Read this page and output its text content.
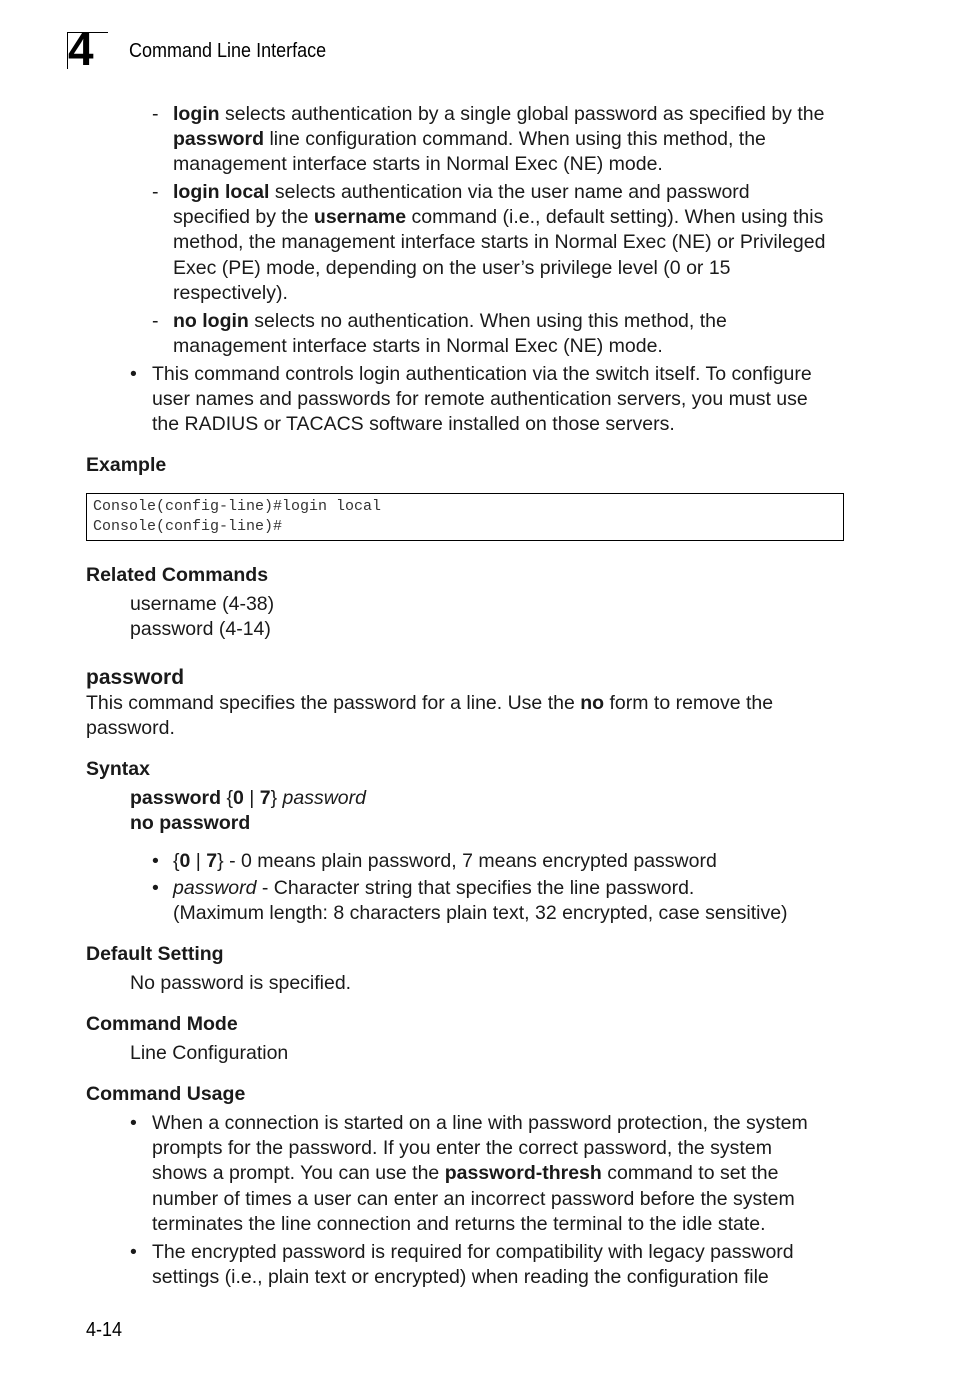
4 Command Line Interface
- login selects authentication by a single global password as specified by the
password line configuration command. When using this method, the
management interface starts in Normal Exec (NE) mode.
- login local selects authentication via the user name and password
specified by the username command (i.e., default setting). When using this
method, the management interface starts in Normal Exec (NE) or Privileged
Exec (PE) mode, depending on the user’s privilege level (0 or 15
respectively).
- no login selects no authentication. When using this method, the
management interface starts in Normal Exec (NE) mode.
• This command controls login authentication via the switch itself. To configure
user names and passwords for remote authentication servers, you must use
the RADIUS or TACACS software installed on those servers.
Example
Console(config-line)#login local
Console(config-line)#
Related Commands
username (4-38)
password (4-14)
password
This command specifies the password for a line. Use the no form to remove the
password.
Syntax
password {0 | 7} password
no password
• {0 | 7} - 0 means plain password, 7 means encrypted password
• password - Character string that specifies the line password.
(Maximum length: 8 characters plain text, 32 encrypted, case sensitive)
Default Setting
No password is specified.
Command Mode
Line Configuration
Command Usage
• When a connection is started on a line with password protection, the system
prompts for the password. If you enter the correct password, the system
shows a prompt. You can use the password-thresh command to set the
number of times a user can enter an incorrect password before the system
terminates the line connection and returns the terminal to the idle state.
• The encrypted password is required for compatibility with legacy password
settings (i.e., plain text or encrypted) when reading the configuration file
4-14
